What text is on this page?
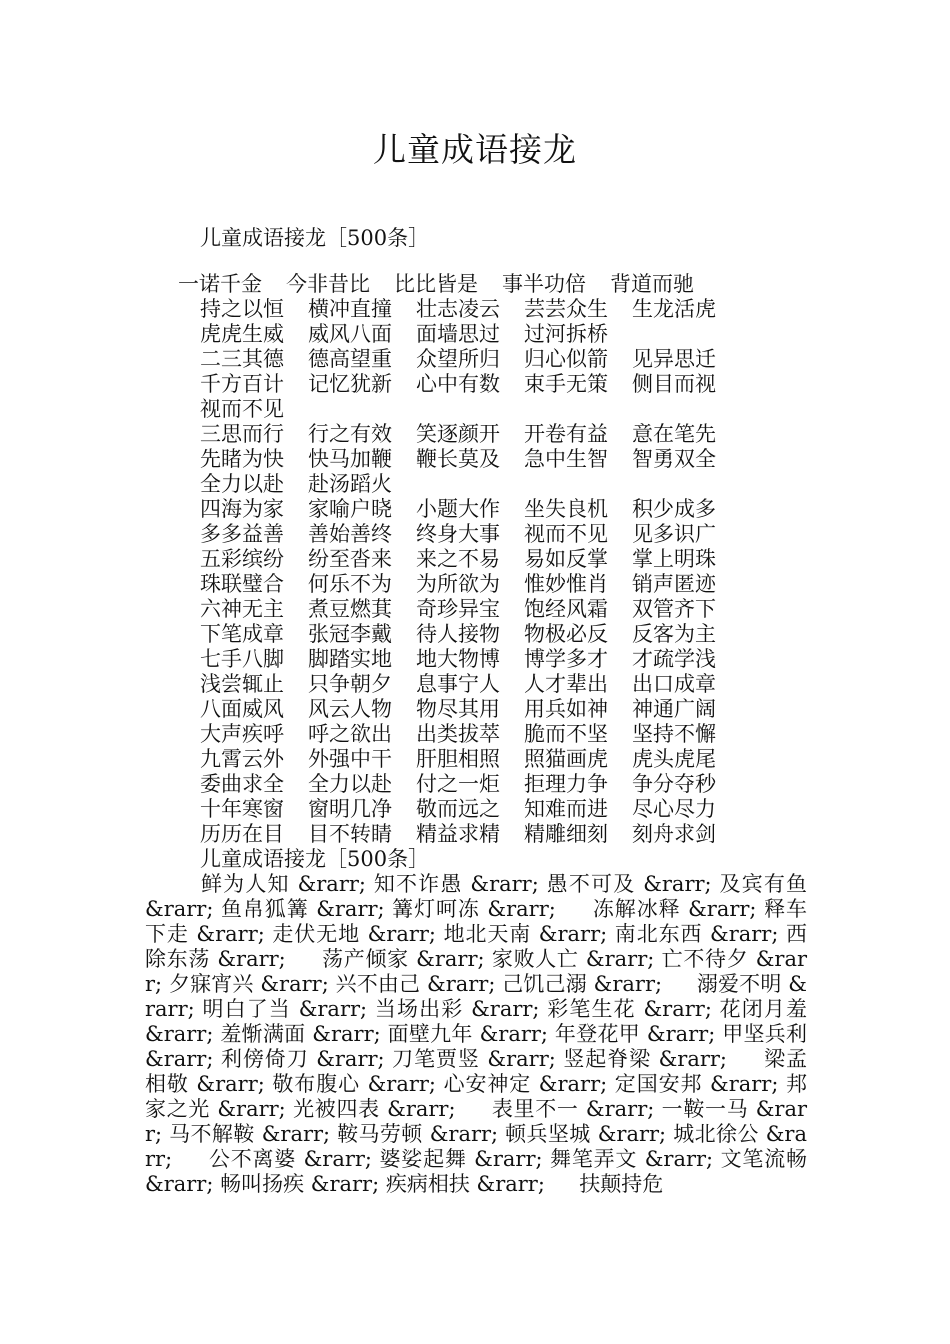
儿童成语接龙
儿童成语接龙［500条］
一诺千金 今非昔比 比比皆是 事半功倍 背道而驰
持之以恒 横冲直撞 壮志凌云 芸芸众生 生龙活虎
虎虎生威 威风八面 面墙思过 过河拆桥
二三其德 德高望重 众望所归 归心似箭 见异思迁
千方百计 记忆犹新 心中有数 束手无策 侧目而视
视而不见
三思而行 行之有效 笑逐颜开 开卷有益 意在笔先
先睹为快 快马加鞭 鞭长莫及 急中生智 智勇双全
全力以赴 赴汤蹈火
四海为家 家喻户晓 小题大作 坐失良机 积少成多
多多益善 善始善终 终身大事 视而不见 见多识广
五彩缤纷 纷至沓来 来之不易 易如反掌 掌上明珠
珠联璧合 何乐不为 为所欲为 惟妙惟肖 销声匿迹
六神无主 煮豆燃萁 奇珍异宝 饱经风霜 双管齐下
下笔成章 张冠李戴 待人接物 物极必反 反客为主
七手八脚 脚踏实地 地大物博 博学多才 才疏学浅
浅尝辄止 只争朝夕 息事宁人 人才辈出 出口成章
八面威风 风云人物 物尽其用 用兵如神 神通广阔
大声疾呼 呼之欲出 出类拔萃 脆而不坚 坚持不懈
九霄云外 外强中干 肝胆相照 照猫画虎 虎头虎尾
委曲求全 全力以赴 付之一炬 拒理力争 争分夺秒
十年寒窗 窗明几净 敬而远之 知难而进 尽心尽力
历历在目 目不转睛 精益求精 精雕细刻 刻舟求剑
儿童成语接龙［500条］
鲜为人知 &rarr; 知不诈愚 &rarr; 愚不可及 &rarr; 及宾有鱼 &rarr; 鱼帛狐篝 &rarr; 篝灯呵冻 &rarr; 　 冻解冰释 &rarr; 释车下走 &rarr; 走伏无地 &rarr; 地北天南 &rarr; 南北东西 &rarr; 西除东荡 &rarr; 　 荡产倾家 &rarr; 家败人亡 &rarr; 亡不待夕 &rarr; 夕寐宵兴 &rarr; 兴不由己 &rarr; 己饥己溺 &rarr; 　 溺爱不明 &rarr; 明白了当 &rarr; 当场出彩 &rarr; 彩笔生花 &rarr; 花闭月羞 &rarr; 羞惭满面 &rarr; 面壁九年 &rarr; 年登花甲 &rarr; 甲坚兵利 &rarr; 利傍倚刀 &rarr; 刀笔贾竖 &rarr; 竖起脊梁 &rarr; 　 梁孟相敬 &rarr; 敬布腹心 &rarr; 心安神定 &rarr; 定国安邦 &rarr; 邦家之光 &rarr; 光被四表 &rarr; 　 表里不一 &rarr; 一鞍一马 &rarr; 马不解鞍 &rarr; 鞍马劳顿 &rarr; 顿兵坚城 &rarr; 城北徐公 &rarr; 　 公不离婆 &rarr; 婆娑起舞 &rarr; 舞笔弄文 &rarr; 文笔流畅 &rarr; 畅叫扬疾 &rarr; 疾病相扶 &rarr; 　 扶颠持危
